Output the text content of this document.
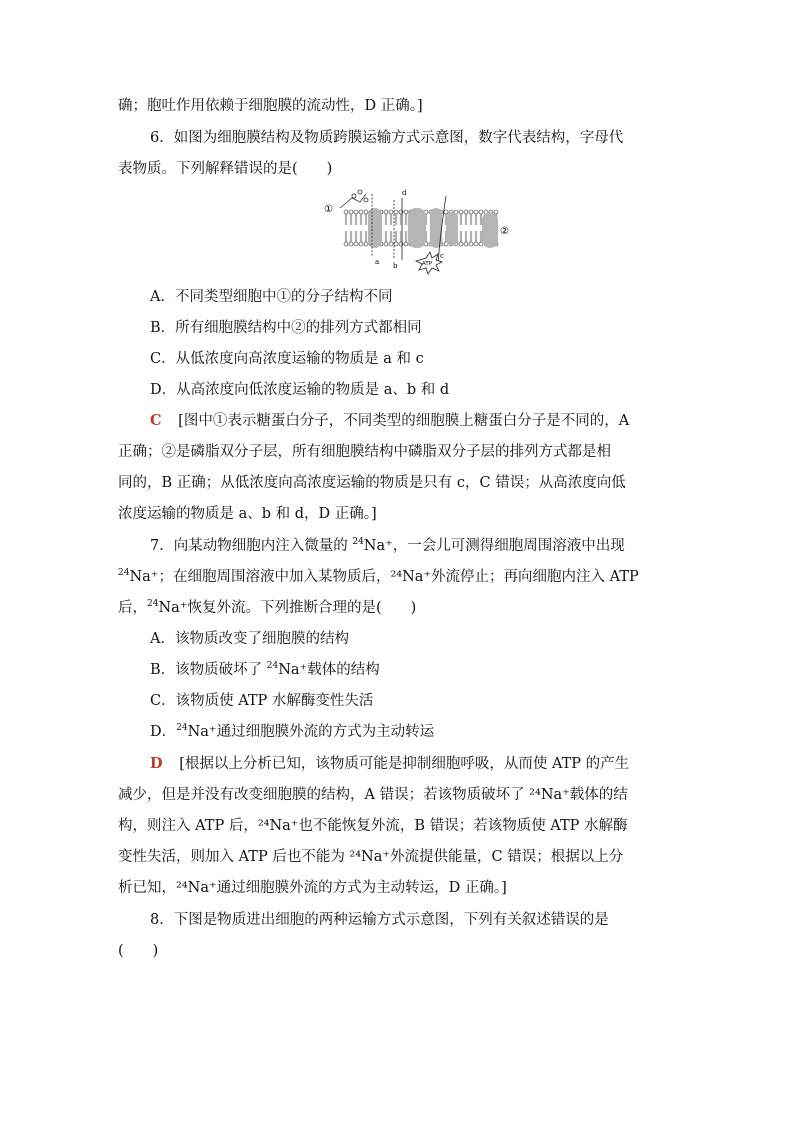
确；胞吐作用依赖于细胞膜的流动性，D 正确。]
6．如图为细胞膜结构及物质跨膜运输方式示意图，数字代表结构，字母代
表物质。下列解释错误的是(　　)
①
②
a b
c
d
ATP
A．不同类型细胞中①的分子结构不同
B．所有细胞膜结构中②的排列方式都相同
C．从低浓度向高浓度运输的物质是 a 和 c
D．从高浓度向低浓度运输的物质是 a、b 和 d
C [图中①表示糖蛋白分子，不同类型的细胞膜上糖蛋白分子是不同的，A
正确；②是磷脂双分子层，所有细胞膜结构中磷脂双分子层的排列方式都是相
同的，B 正确；从低浓度向高浓度运输的物质是只有 c，C 错误；从高浓度向低
浓度运输的物质是 a、b 和 d，D 正确。]
7．向某动物细胞内注入微量的 $^{24}$Na⁺，一会儿可测得细胞周围溶液中出现
$^{24}$Na⁺；在细胞周围溶液中加入某物质后，²⁴Na⁺外流停止；再向细胞内注入 ATP
后，$^{24}$Na⁺恢复外流。下列推断合理的是(　　)
A．该物质改变了细胞膜的结构
B．该物质破坏了 $^{24}$Na⁺载体的结构
C．该物质使 ATP 水解酶变性失活
D．$^{24}$Na⁺通过细胞膜外流的方式为主动转运
D [根据以上分析已知，该物质可能是抑制细胞呼吸，从而使 ATP 的产生
减少，但是并没有改变细胞膜的结构，A 错误；若该物质破坏了 ²⁴Na⁺载体的结
构，则注入 ATP 后，²⁴Na⁺也不能恢复外流，B 错误；若该物质使 ATP 水解酶
变性失活，则加入 ATP 后也不能为 ²⁴Na⁺外流提供能量，C 错误；根据以上分
析已知，²⁴Na⁺通过细胞膜外流的方式为主动转运，D 正确。]
8．下图是物质进出细胞的两种运输方式示意图，下列有关叙述错误的是
(　　)
